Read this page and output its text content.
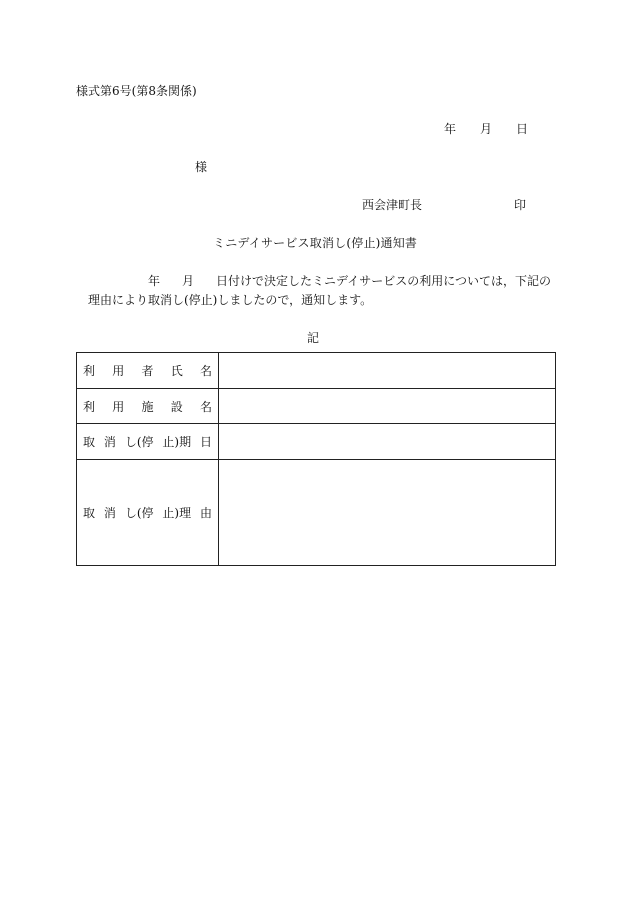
様式第6号(第8条関係)
年 月 日
様
西会津町長	印
ミニデイサービス取消し(停止)通知書
年 月 日付けで決定したミニデイサービスの利用については，下記の
理由により取消し(停止)しましたので，通知します。
記
利 用 者 氏 名	

利 用 施 設 名	

取 消 し(停 止)期 日	

取 消 し(停 止)理 由	
